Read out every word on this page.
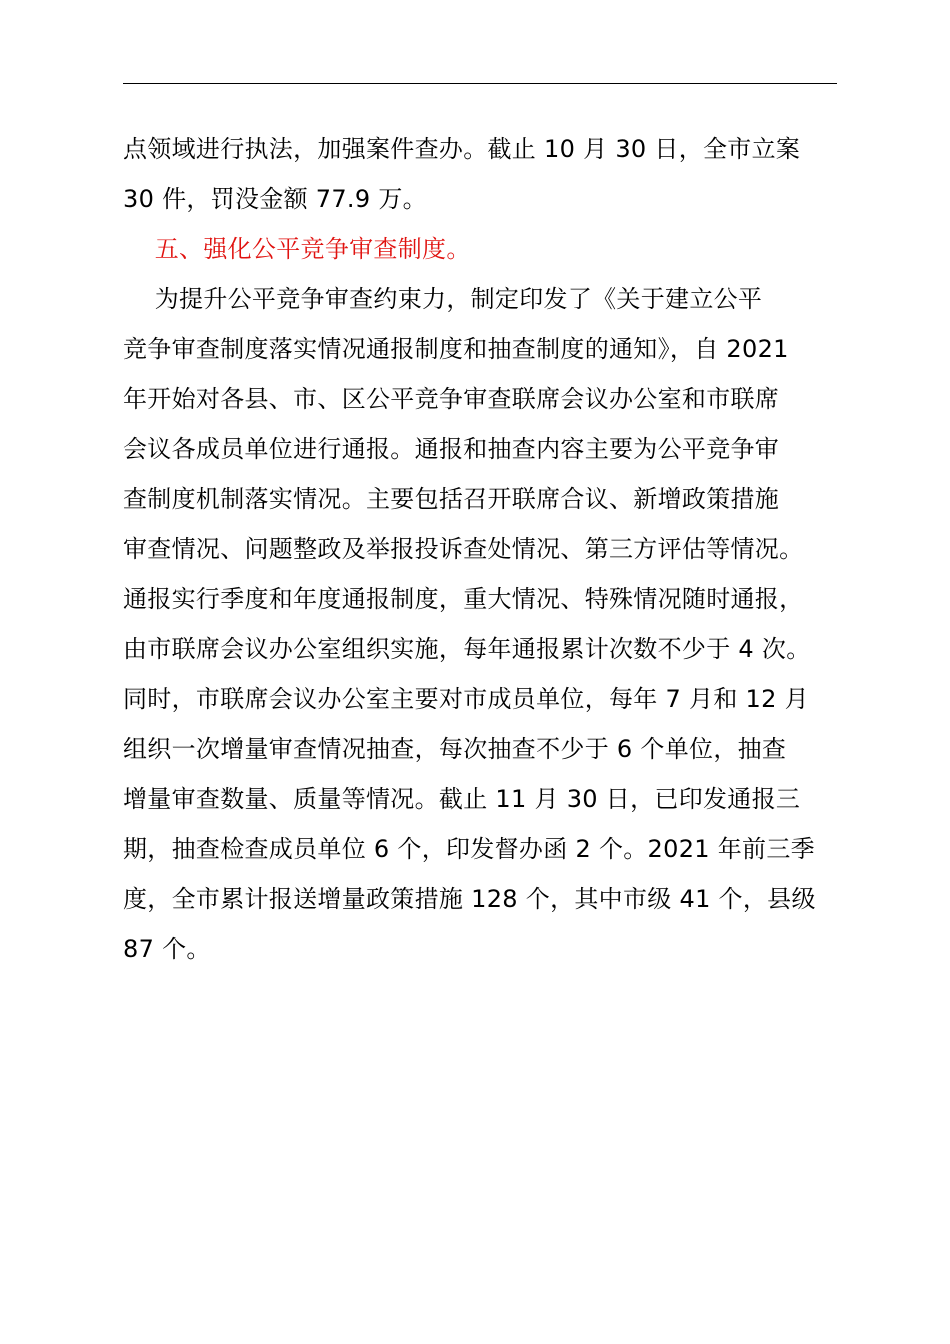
点领域进行执法，加强案件查办。截止 10 月 30 日，全市立案
30 件，罚没金额 77.9 万。
五、强化公平竞争审查制度。
为提升公平竞争审查约束力，制定印发了《关于建立公平
竞争审查制度落实情况通报制度和抽查制度的通知》，自 2021
年开始对各县、市、区公平竞争审查联席会议办公室和市联席
会议各成员单位进行通报。通报和抽查内容主要为公平竞争审
查制度机制落实情况。主要包括召开联席合议、新增政策措施
审查情况、问题整政及举报投诉查处情况、第三方评估等情况。
通报实行季度和年度通报制度，重大情况、特殊情况随时通报，
由市联席会议办公室组织实施，每年通报累计次数不少于 4 次。
同时，市联席会议办公室主要对市成员单位，每年 7 月和 12 月
组织一次增量审查情况抽查，每次抽查不少于 6 个单位，抽查
增量审查数量、质量等情况。截止 11 月 30 日，已印发通报三
期，抽查检查成员单位 6 个，印发督办函 2 个。2021 年前三季
度，全市累计报送增量政策措施 128 个，其中市级 41 个，县级
87 个。
